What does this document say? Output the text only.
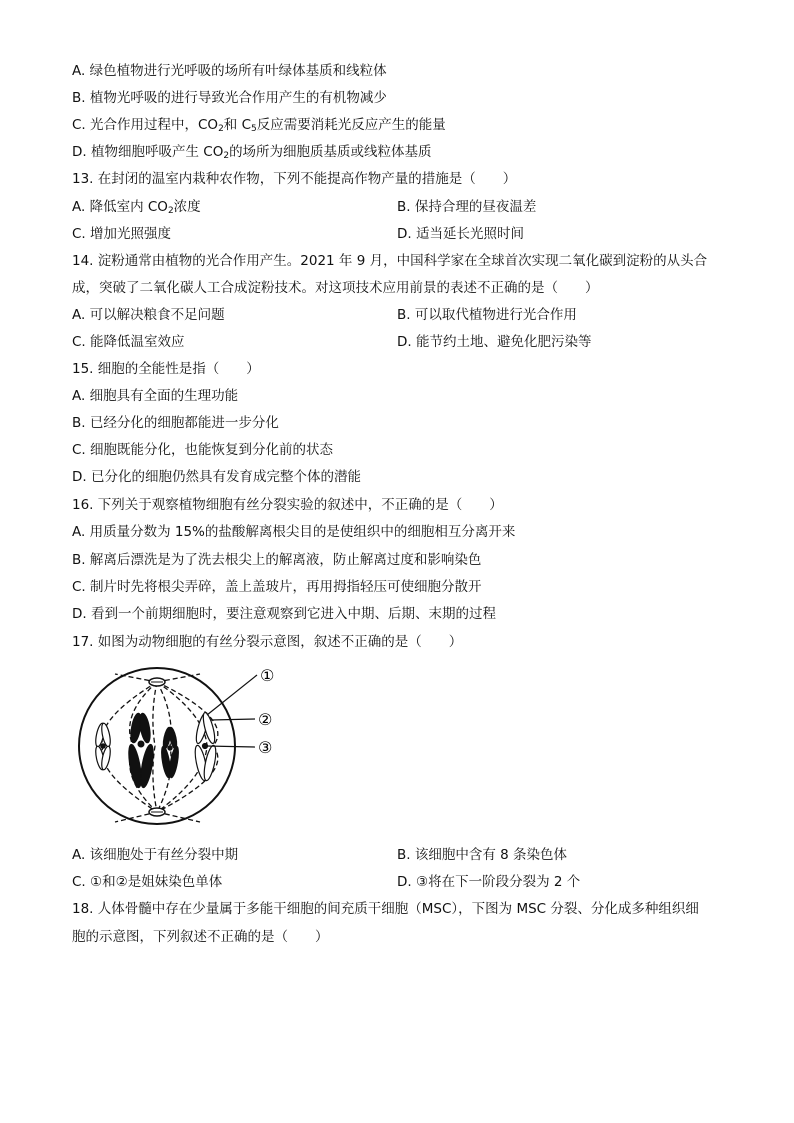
A. 绿色植物进行光呼吸的场所有叶绿体基质和线粒体
B. 植物光呼吸的进行导致光合作用产生的有机物减少
C. 光合作用过程中，$CO_2$和 $C_5$反应需要消耗光反应产生的能量
D. 植物细胞呼吸产生 $CO_2$的场所为细胞质基质或线粒体基质
13. 在封闭的温室内栽种农作物，下列不能提高作物产量的措施是（　　）
A. 降低室内 $CO_2$浓度	B. 保持合理的昼夜温差
C. 增加光照强度	D. 适当延长光照时间
14. 淀粉通常由植物的光合作用产生。2021 年 9 月，中国科学家在全球首次实现二氧化碳到淀粉的从头合
成，突破了二氧化碳人工合成淀粉技术。对这项技术应用前景的表述不正确的是（　　）
A. 可以解决粮食不足问题	B. 可以取代植物进行光合作用
C. 能降低温室效应	D. 能节约土地、避免化肥污染等
15. 细胞的全能性是指（　　）
A. 细胞具有全面的生理功能
B. 已经分化的细胞都能进一步分化
C. 细胞既能分化，也能恢复到分化前的状态
D. 已分化的细胞仍然具有发育成完整个体的潜能
16. 下列关于观察植物细胞有丝分裂实验的叙述中，不正确的是（　　）
A. 用质量分数为 15%的盐酸解离根尖目的是使组织中的细胞相互分离开来
B. 解离后漂洗是为了洗去根尖上的解离液，防止解离过度和影响染色
C. 制片时先将根尖弄碎，盖上盖玻片，再用拇指轻压可使细胞分散开
D. 看到一个前期细胞时，要注意观察到它进入中期、后期、末期的过程
17. 如图为动物细胞的有丝分裂示意图，叙述不正确的是（　　）
①
②
③
A. 该细胞处于有丝分裂中期	B. 该细胞中含有 8 条染色体
C. ①和②是姐妹染色单体	D. ③将在下一阶段分裂为 2 个
18. 人体骨髓中存在少量属于多能干细胞的间充质干细胞（MSC），下图为 MSC 分裂、分化成多种组织细
胞的示意图，下列叙述不正确的是（　　）
